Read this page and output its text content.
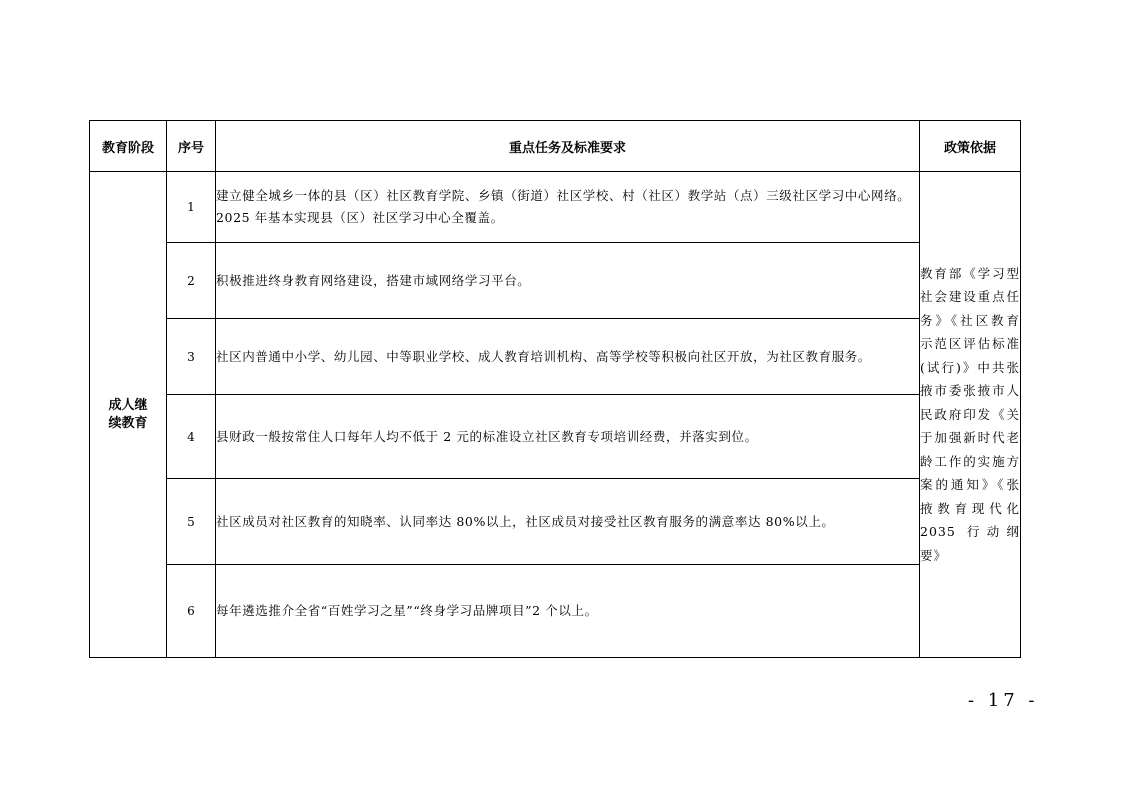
教育阶段	序号	重点任务及标准要求	政策依据
成人继续教育	1	建立健全城乡一体的县（区）社区教育学院、乡镇（街道）社区学校、村（社区）教学站（点）三级社区学习中心网络。2025 年基本实现县（区）社区学习中心全覆盖。	教育部《学习型社会建设重点任务》《社区教育示范区评估标准(试行)》中共张掖市委张掖市人民政府印发《关于加强新时代老龄工作的实施方案的通知》《张掖教育现代化2035 行动纲要》
	2	积极推进终身教育网络建设，搭建市域网络学习平台。	
	3	社区内普通中小学、幼儿园、中等职业学校、成人教育培训机构、高等学校等积极向社区开放，为社区教育服务。	
	4	县财政一般按常住人口每年人均不低于 2 元的标准设立社区教育专项培训经费，并落实到位。	
	5	社区成员对社区教育的知晓率、认同率达 80%以上，社区成员对接受社区教育服务的满意率达 80%以上。	
	6	每年遴选推介全省“百姓学习之星”“终身学习品牌项目”2 个以上。	
- 17 -
